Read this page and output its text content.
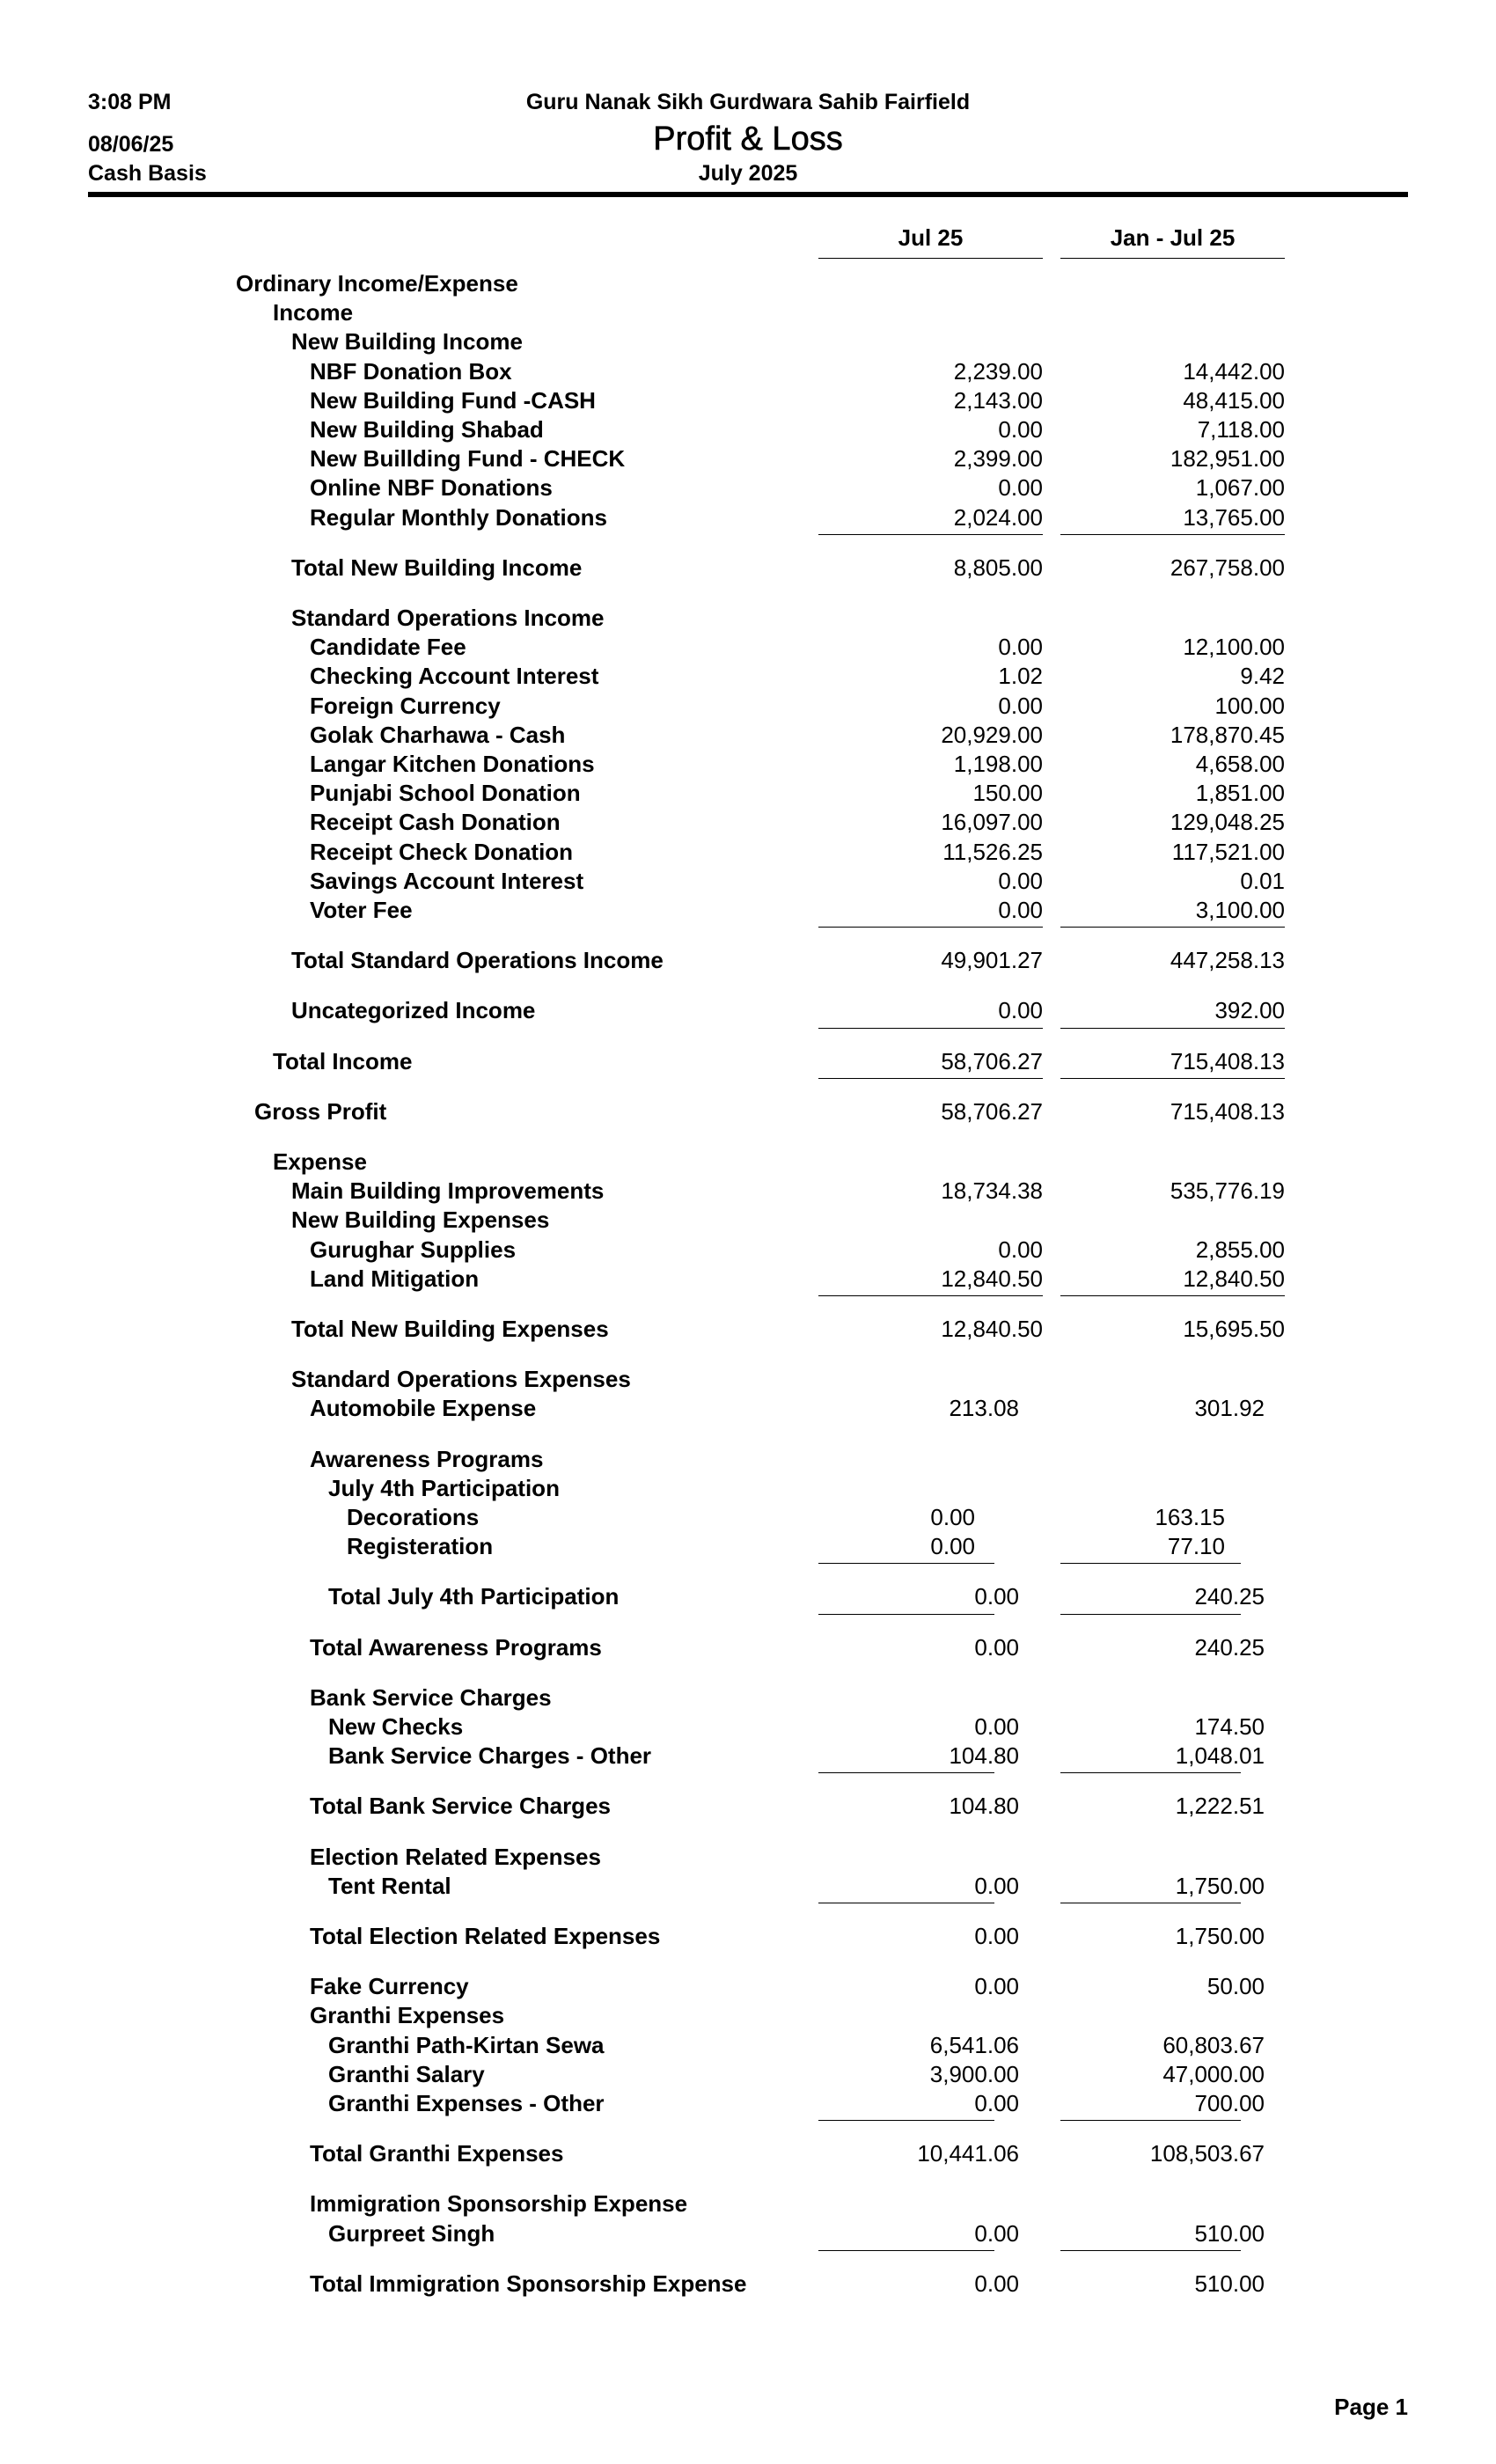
3:08 PM
08/06/25
Cash Basis
Guru Nanak Sikh Gurdwara Sahib Fairfield
Profit & Loss
July 2025
Jul 25	Jan - Jul 25
Ordinary Income/Expense
Income
New Building Income
NBF Donation Box	2,239.00	14,442.00
New Building Fund -CASH	2,143.00	48,415.00
New Building Shabad	0.00	7,118.00
New Buillding Fund - CHECK	2,399.00	182,951.00
Online NBF Donations	0.00	1,067.00
Regular Monthly Donations	2,024.00	13,765.00
Total New Building Income	8,805.00	267,758.00
Standard Operations Income
Candidate Fee	0.00	12,100.00
Checking Account Interest	1.02	9.42
Foreign Currency	0.00	100.00
Golak Charhawa - Cash	20,929.00	178,870.45
Langar Kitchen Donations	1,198.00	4,658.00
Punjabi School Donation	150.00	1,851.00
Receipt Cash Donation	16,097.00	129,048.25
Receipt Check Donation	11,526.25	117,521.00
Savings Account Interest	0.00	0.01
Voter Fee	0.00	3,100.00
Total Standard Operations Income	49,901.27	447,258.13
Uncategorized Income	0.00	392.00
Total Income	58,706.27	715,408.13
Gross Profit	58,706.27	715,408.13
Expense
Main Building Improvements	18,734.38	535,776.19
New Building Expenses
Gurughar Supplies	0.00	2,855.00
Land Mitigation	12,840.50	12,840.50
Total New Building Expenses	12,840.50	15,695.50
Standard Operations Expenses
Automobile Expense	213.08	301.92
Awareness Programs
July 4th Participation
Decorations	0.00	163.15
Registeration	0.00	77.10
Total July 4th Participation	0.00	240.25
Total Awareness Programs	0.00	240.25
Bank Service Charges
New Checks	0.00	174.50
Bank Service Charges - Other	104.80	1,048.01
Total Bank Service Charges	104.80	1,222.51
Election Related Expenses
Tent Rental	0.00	1,750.00
Total Election Related Expenses	0.00	1,750.00
Fake Currency	0.00	50.00
Granthi Expenses
Granthi Path-Kirtan Sewa	6,541.06	60,803.67
Granthi Salary	3,900.00	47,000.00
Granthi Expenses - Other	0.00	700.00
Total Granthi Expenses	10,441.06	108,503.67
Immigration Sponsorship Expense
Gurpreet Singh	0.00	510.00
Total Immigration Sponsorship Expense	0.00	510.00
Page 1
